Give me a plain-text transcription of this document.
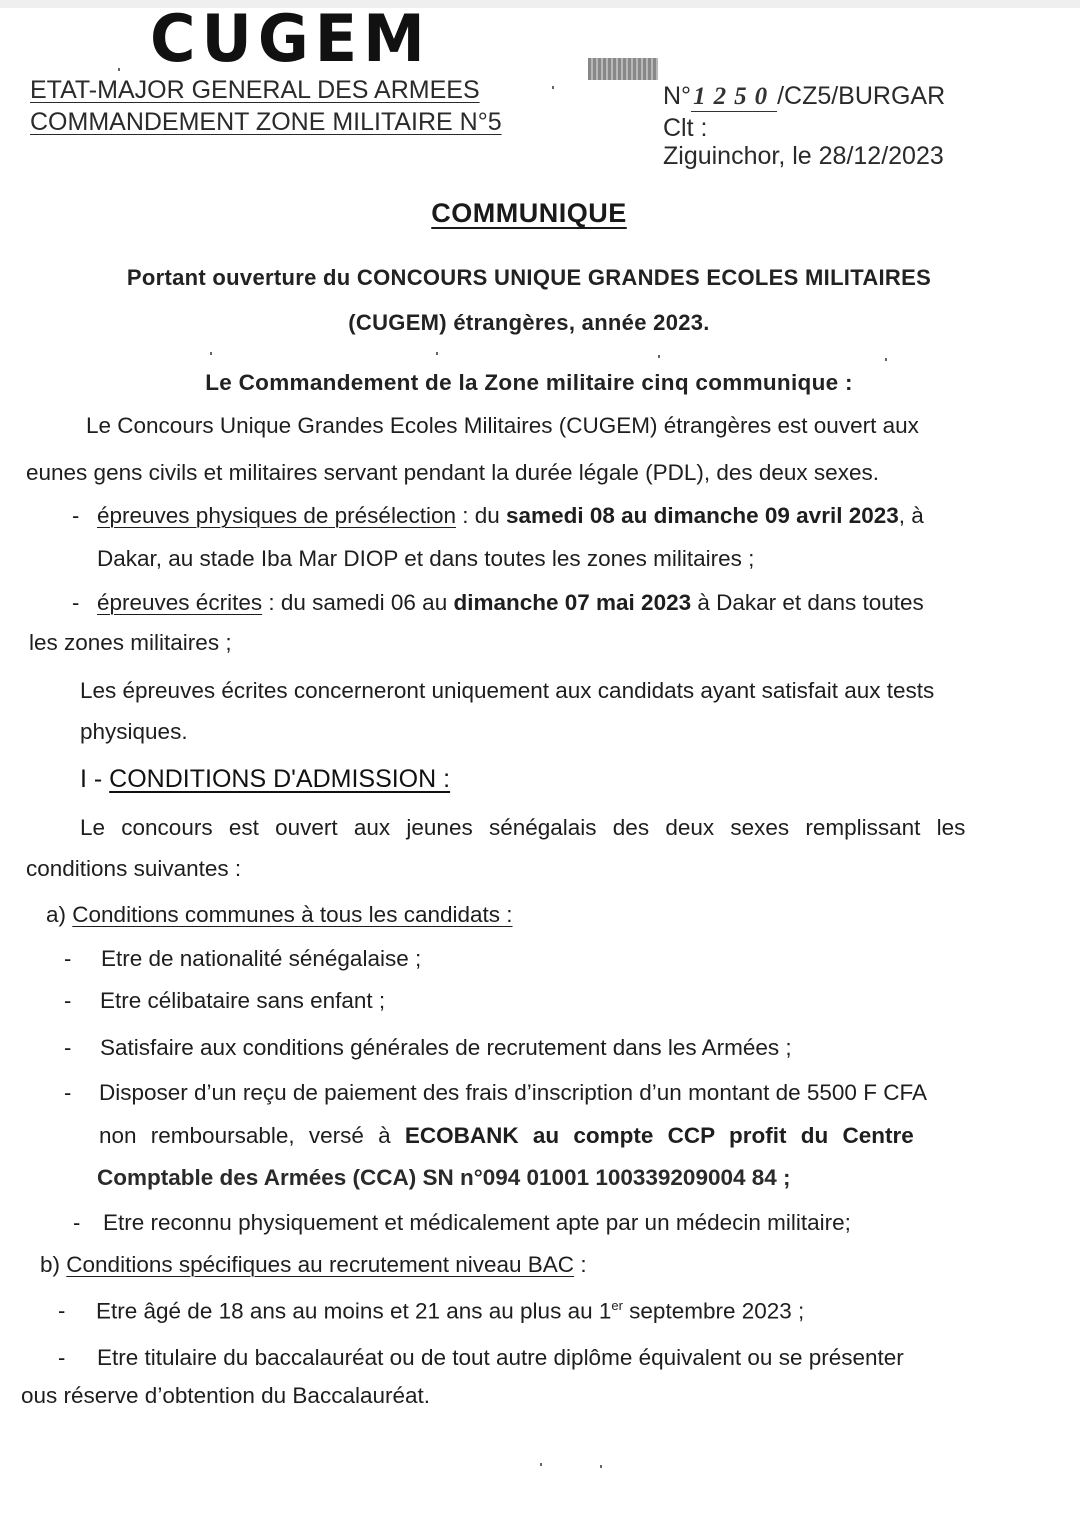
CUGEM
ETAT-MAJOR GENERAL DES ARMEES
COMMANDEMENT ZONE MILITAIRE N°5
N°1250/CZ5/BURGAR
Clt :
Ziguinchor, le 28/12/2023
COMMUNIQUE
Portant ouverture du CONCOURS UNIQUE GRANDES ECOLES MILITAIRES
(CUGEM) étrangères, année 2023.
Le Commandement de la Zone militaire cinq communique :
Le Concours Unique Grandes Ecoles Militaires (CUGEM) étrangères est ouvert aux
eunes gens civils et militaires servant pendant la durée légale (PDL), des deux sexes.
- épreuves physiques de présélection : du samedi 08 au dimanche 09 avril 2023, à
Dakar, au stade Iba Mar DIOP et dans toutes les zones militaires ;
- épreuves écrites : du samedi 06 au dimanche 07 mai 2023 à Dakar et dans toutes
les zones militaires ;
Les épreuves écrites concerneront uniquement aux candidats ayant satisfait aux tests
physiques.
I - CONDITIONS D'ADMISSION :
Le concours est ouvert aux jeunes sénégalais des deux sexes remplissant les
conditions suivantes :
a) Conditions communes à tous les candidats :
- Etre de nationalité sénégalaise ;
- Etre célibataire sans enfant ;
- Satisfaire aux conditions générales de recrutement dans les Armées ;
- Disposer d’un reçu de paiement des frais d’inscription d’un montant de 5500 F CFA
non remboursable, versé à ECOBANK au compte CCP profit du Centre
Comptable des Armées (CCA) SN n°094 01001 100339209004 84 ;
- Etre reconnu physiquement et médicalement apte par un médecin militaire;
b) Conditions spécifiques au recrutement niveau BAC :
- Etre âgé de 18 ans au moins et 21 ans au plus au 1er septembre 2023 ;
- Etre titulaire du baccalauréat ou de tout autre diplôme équivalent ou se présenter
ous réserve d’obtention du Baccalauréat.
